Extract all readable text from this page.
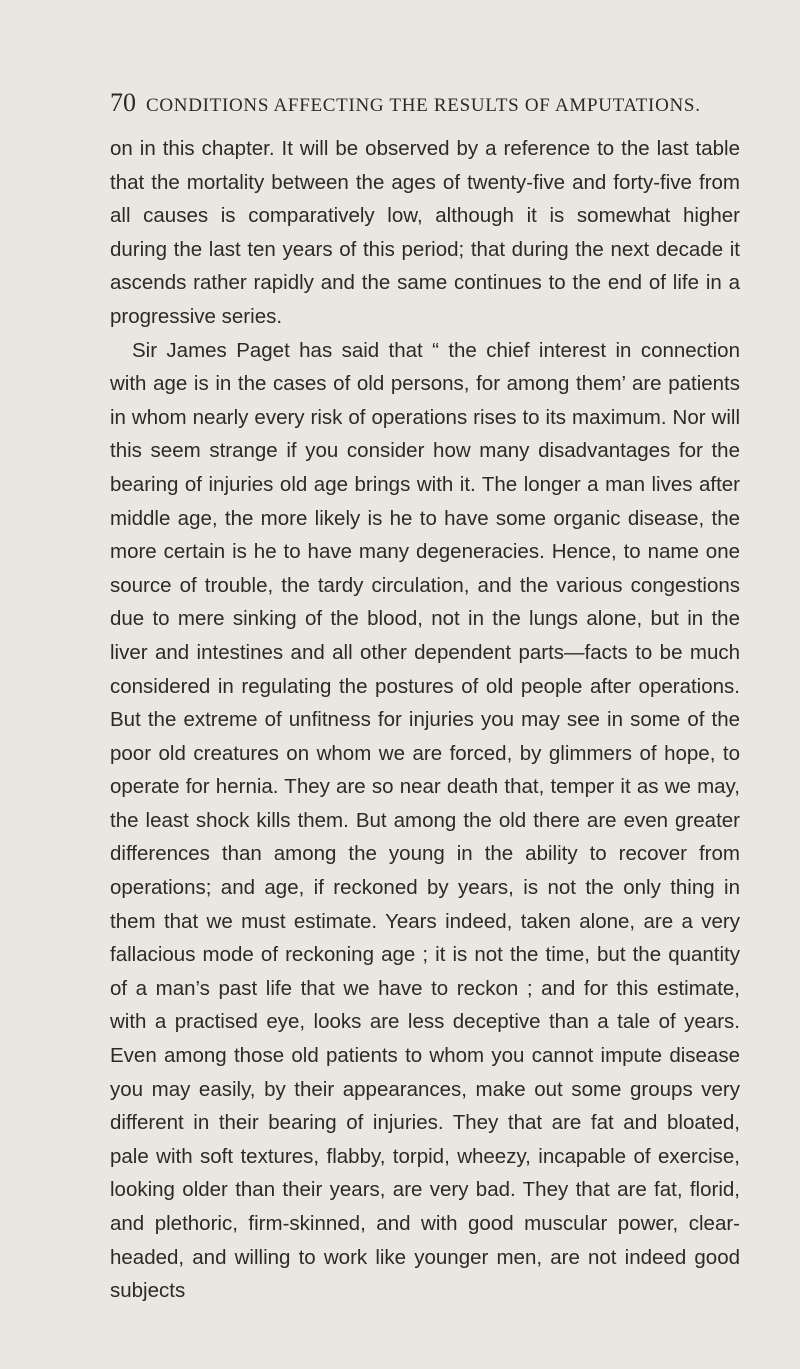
70 CONDITIONS AFFECTING THE RESULTS OF AMPUTATIONS.

on in this chapter. It will be observed by a reference to the last table that the mortality between the ages of twenty-five and forty-five from all causes is comparatively low, although it is somewhat higher during the last ten years of this period; that during the next decade it ascends rather rapidly and the same continues to the end of life in a progressive series.

Sir James Paget has said that “ the chief interest in connection with age is in the cases of old persons, for among them’ are patients in whom nearly every risk of operations rises to its maximum. Nor will this seem strange if you consider how many disadvantages for the bearing of injuries old age brings with it. The longer a man lives after middle age, the more likely is he to have some organic disease, the more certain is he to have many degeneracies. Hence, to name one source of trouble, the tardy circulation, and the various congestions due to mere sinking of the blood, not in the lungs alone, but in the liver and intestines and all other dependent parts—facts to be much considered in regulating the postures of old people after operations. But the extreme of unfitness for injuries you may see in some of the poor old creatures on whom we are forced, by glimmers of hope, to operate for hernia. They are so near death that, temper it as we may, the least shock kills them. But among the old there are even greater differences than among the young in the ability to recover from operations; and age, if reckoned by years, is not the only thing in them that we must estimate. Years indeed, taken alone, are a very fallacious mode of reckoning age ; it is not the time, but the quantity of a man’s past life that we have to reckon ; and for this estimate, with a practised eye, looks are less deceptive than a tale of years. Even among those old patients to whom you cannot impute disease you may easily, by their appearances, make out some groups very different in their bearing of injuries. They that are fat and bloated, pale with soft textures, flabby, torpid, wheezy, incapable of exercise, looking older than their years, are very bad. They that are fat, florid, and plethoric, firm-skinned, and with good muscular power, clear-headed, and willing to work like younger men, are not indeed good subjects
